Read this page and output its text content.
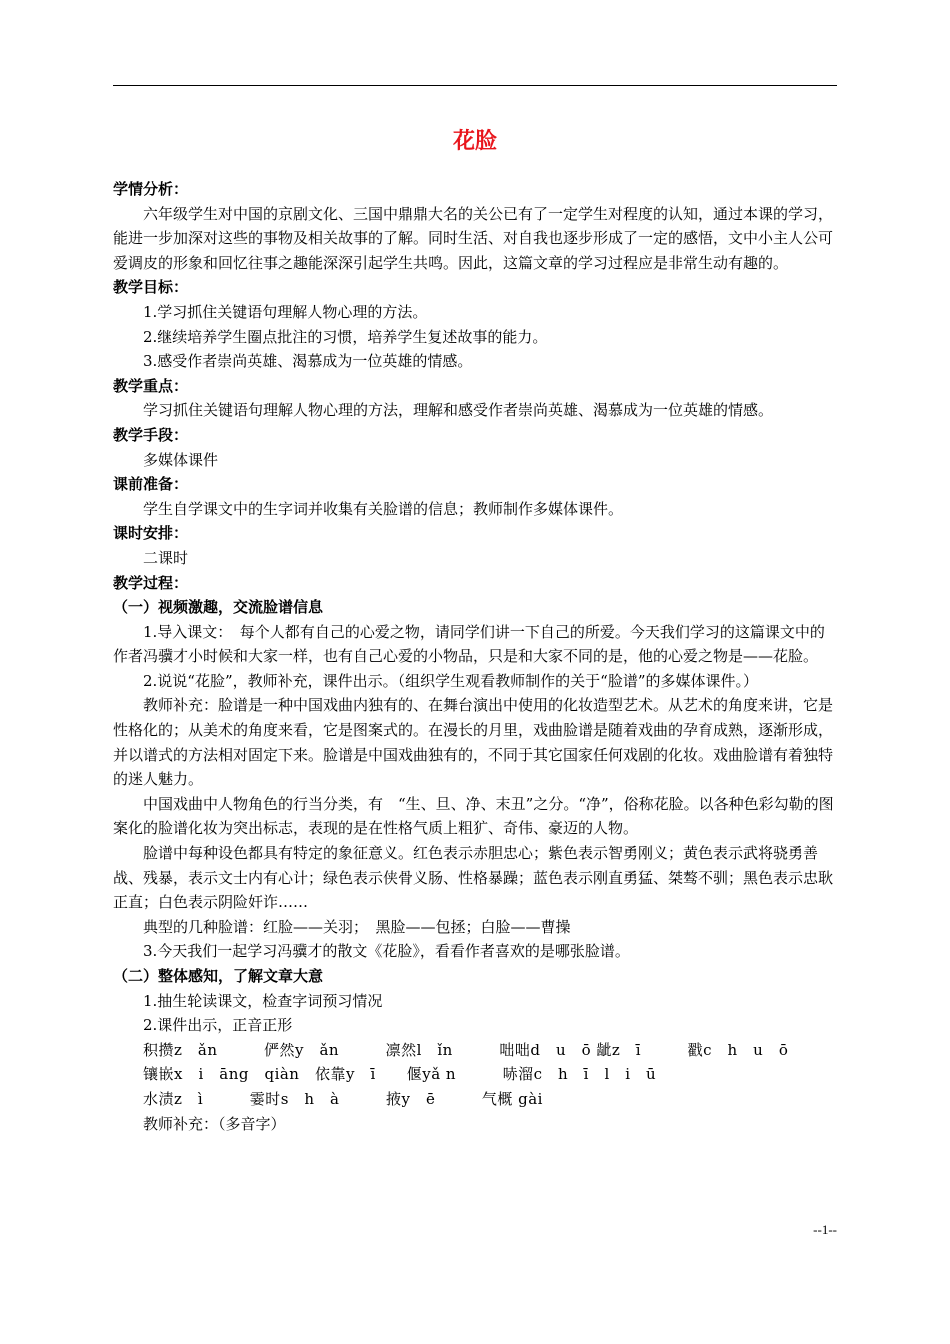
花脸

学情分析：

六年级学生对中国的京剧文化、三国中鼎鼎大名的关公已有了一定学生对程度的认知，通过本课的学习，能进一步加深对这些的事物及相关故事的了解。同时生活、对自我也逐步形成了一定的感悟，文中小主人公可爱调皮的形象和回忆往事之趣能深深引起学生共鸣。因此，这篇文章的学习过程应是非常生动有趣的。

教学目标：

1.学习抓住关键语句理解人物心理的方法。

2.继续培养学生圈点批注的习惯，培养学生复述故事的能力。

3.感受作者崇尚英雄、渴慕成为一位英雄的情感。

教学重点：

学习抓住关键语句理解人物心理的方法，理解和感受作者崇尚英雄、渴慕成为一位英雄的情感。

教学手段：

多媒体课件

课前准备：

学生自学课文中的生字词并收集有关脸谱的信息；教师制作多媒体课件。

课时安排：

二课时

教学过程：

（一）视频激趣，交流脸谱信息

1.导入课文：　每个人都有自己的心爱之物，请同学们讲一下自己的所爱。今天我们学习的这篇课文中的作者冯骥才小时候和大家一样，也有自己心爱的小物品，只是和大家不同的是，他的心爱之物是——花脸。

2.说说“花脸”，教师补充，课件出示。（组织学生观看教师制作的关于“脸谱”的多媒体课件。）

教师补充：脸谱是一种中国戏曲内独有的、在舞台演出中使用的化妆造型艺术。从艺术的角度来讲，它是性格化的；从美术的角度来看，它是图案式的。在漫长的月里，戏曲脸谱是随着戏曲的孕育成熟，逐渐形成，并以谱式的方法相对固定下来。脸谱是中国戏曲独有的，不同于其它国家任何戏剧的化妆。戏曲脸谱有着独特的迷人魅力。

中国戏曲中人物角色的行当分类，有　“生、旦、净、末丑”之分。“净”，俗称花脸。以各种色彩勾勒的图案化的脸谱化妆为突出标志，表现的是在性格气质上粗犷、奇伟、豪迈的人物。

脸谱中每种设色都具有特定的象征意义。红色表示赤胆忠心；紫色表示智勇刚义；黄色表示武将骁勇善战、残暴，表示文士内有心计；绿色表示侠骨义肠、性格暴躁；蓝色表示刚直勇猛、桀骜不驯；黑色表示忠耿正直；白色表示阴险奸诈……

典型的几种脸谱：红脸——关羽；　黑脸——包拯；白脸——曹操

3.今天我们一起学习冯骥才的散文《花脸》，看看作者喜欢的是哪张脸谱。

（二）整体感知，了解文章大意

1.抽生轮读课文，检查字词预习情况

2.课件出示，正音正形

积攒z　ǎn　　　俨然y　ǎn　　　凛然l　ǐn　　　咄咄d　u　ō 龇z　ī　　　戳c　h　u　ō

镶嵌x　i　āng　qiàn　依靠y　ī　　偃yǎ n　　　哧溜c　h　ī　l　i　ū

水渍z　ì　　　霎时s　h　à　　　掖y　ē　　　气概 gài

教师补充：（多音字）

--1--
